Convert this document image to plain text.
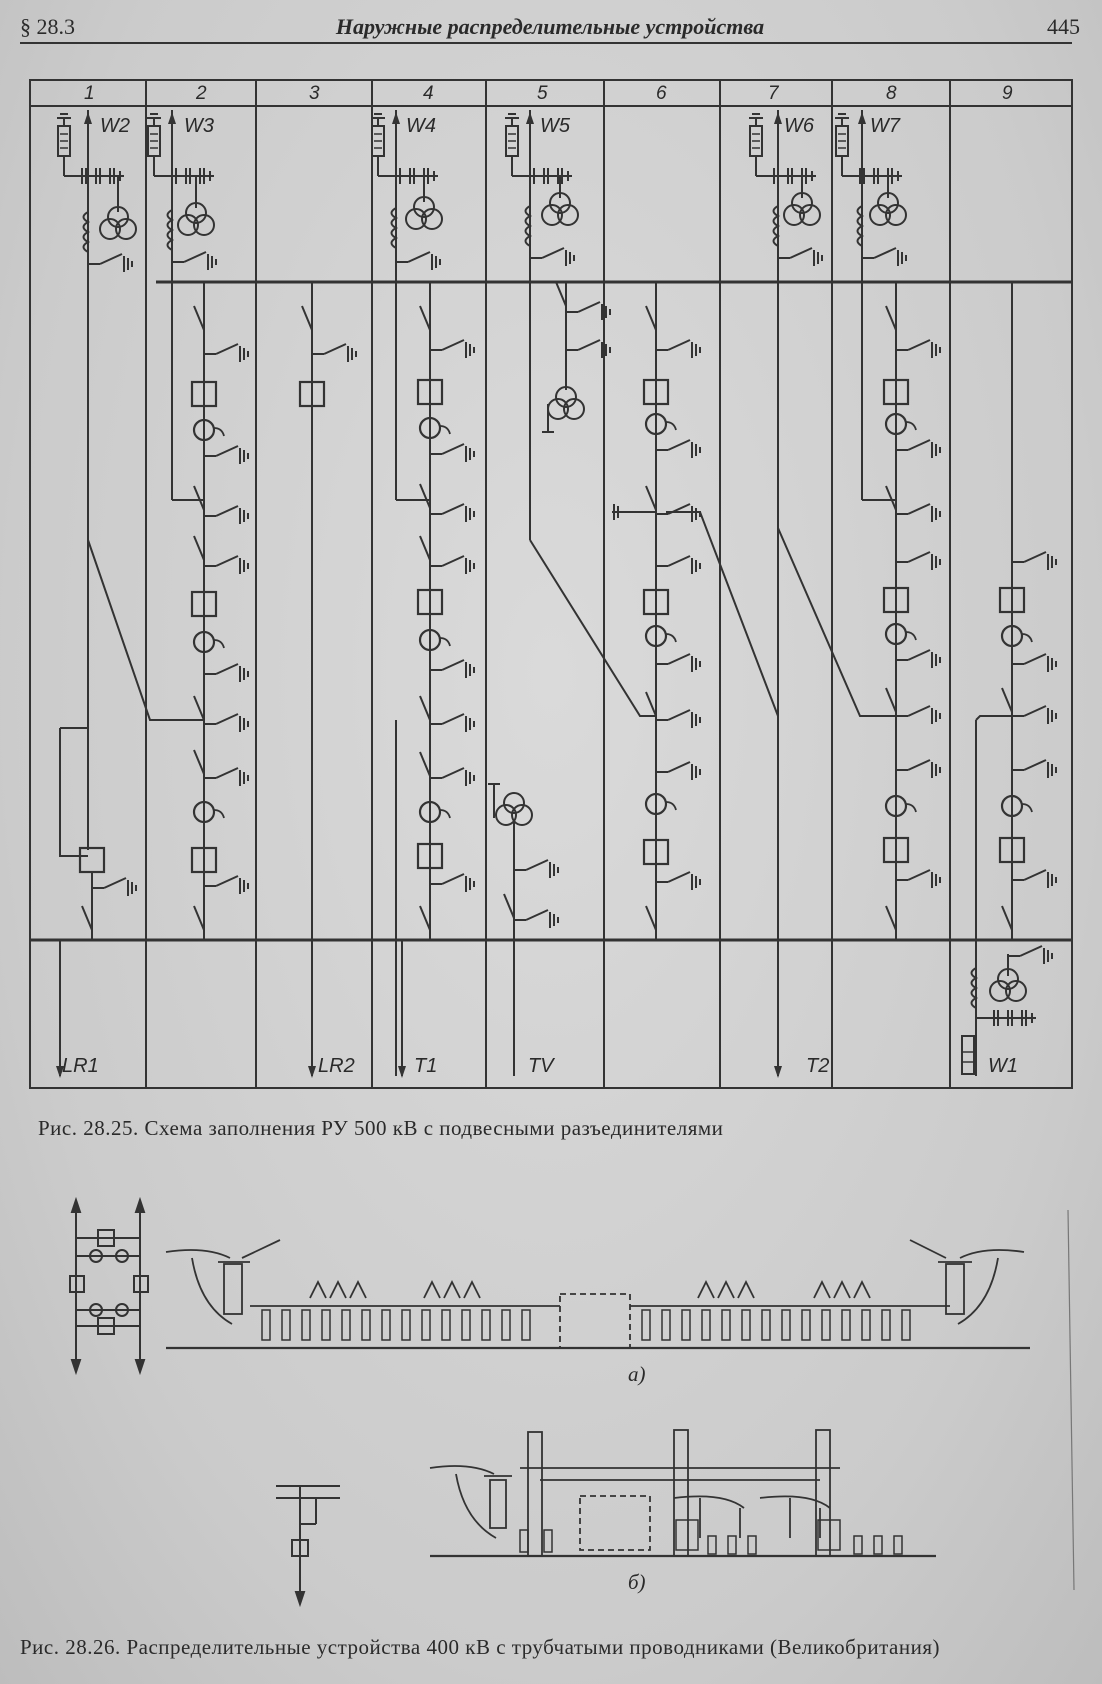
§ 28.3	Наружные распределительные устройства	445
1	2	3	4	5	6	7	8	9
W2	W3	W4	W5	W6	W7
LR1	LR2	T1	TV	T2	W1
Рис. 28.25. Схема заполнения РУ 500 кВ с подвесными разъединителями
а)
б)
Рис. 28.26. Распределительные устройства 400 кВ с трубчатыми проводниками (Великобритания)
